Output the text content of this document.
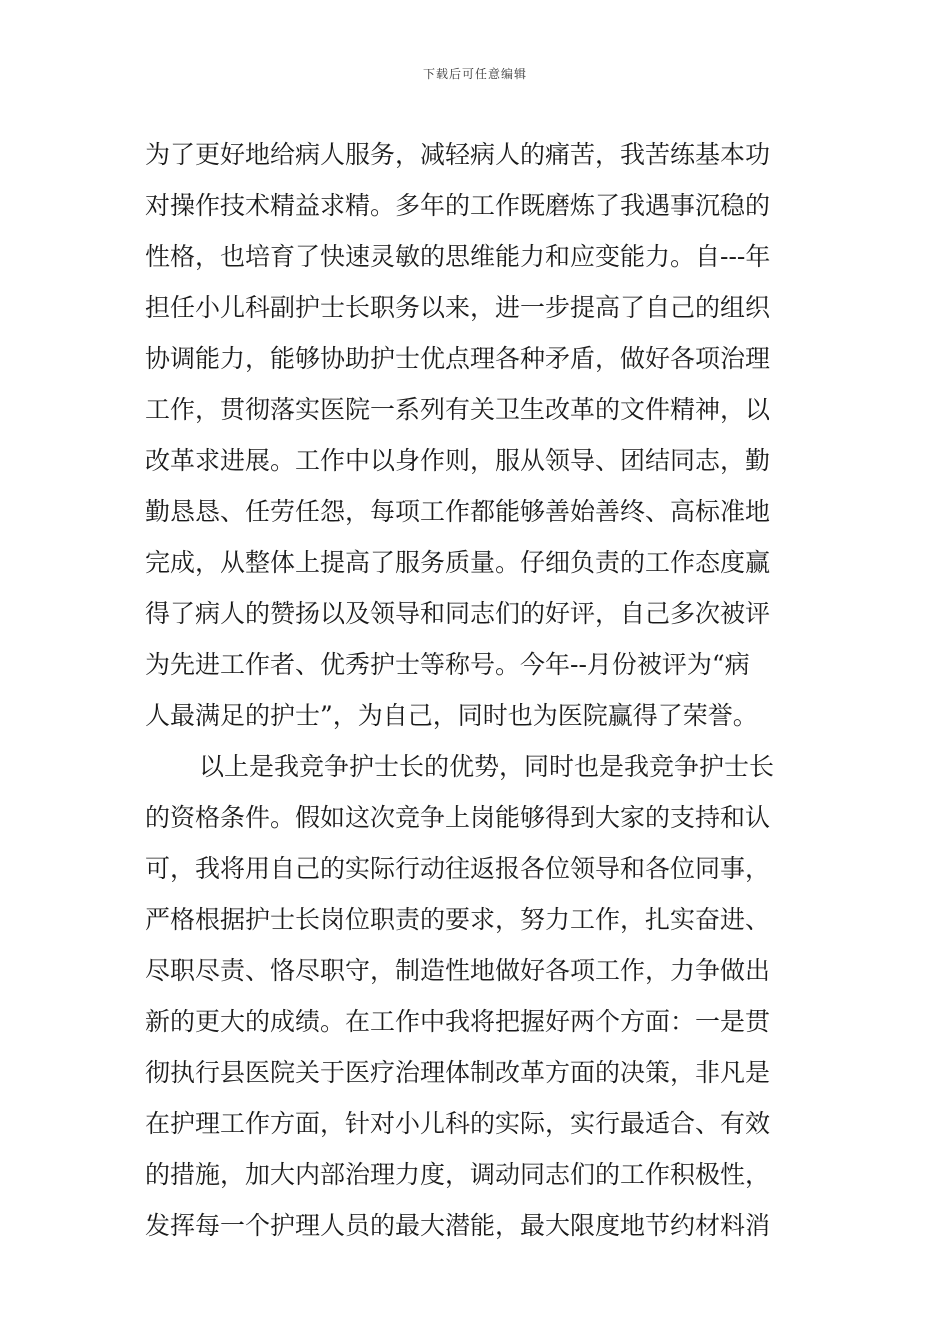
下载后可任意编辑
为了更好地给病人服务，减轻病人的痛苦，我苦练基本功
对操作技术精益求精。多年的工作既磨炼了我遇事沉稳的
性格，也培育了快速灵敏的思维能力和应变能力。自---年
担任小儿科副护士长职务以来，进一步提高了自己的组织
协调能力，能够协助护士优点理各种矛盾，做好各项治理
工作，贯彻落实医院一系列有关卫生改革的文件精神，以
改革求进展。工作中以身作则，服从领导、团结同志，勤
勤恳恳、任劳任怨，每项工作都能够善始善终、高标准地
完成，从整体上提高了服务质量。仔细负责的工作态度赢
得了病人的赞扬以及领导和同志们的好评，自己多次被评
为先进工作者、优秀护士等称号。今年--月份被评为“病
人最满足的护士”，为自己，同时也为医院赢得了荣誉。
以上是我竞争护士长的优势，同时也是我竞争护士长
的资格条件。假如这次竞争上岗能够得到大家的支持和认
可，我将用自己的实际行动往返报各位领导和各位同事，
严格根据护士长岗位职责的要求，努力工作，扎实奋进、
尽职尽责、恪尽职守，制造性地做好各项工作，力争做出
新的更大的成绩。在工作中我将把握好两个方面：一是贯
彻执行县医院关于医疗治理体制改革方面的决策，非凡是
在护理工作方面，针对小儿科的实际，实行最适合、有效
的措施，加大内部治理力度，调动同志们的工作积极性，
发挥每一个护理人员的最大潜能，最大限度地节约材料消
